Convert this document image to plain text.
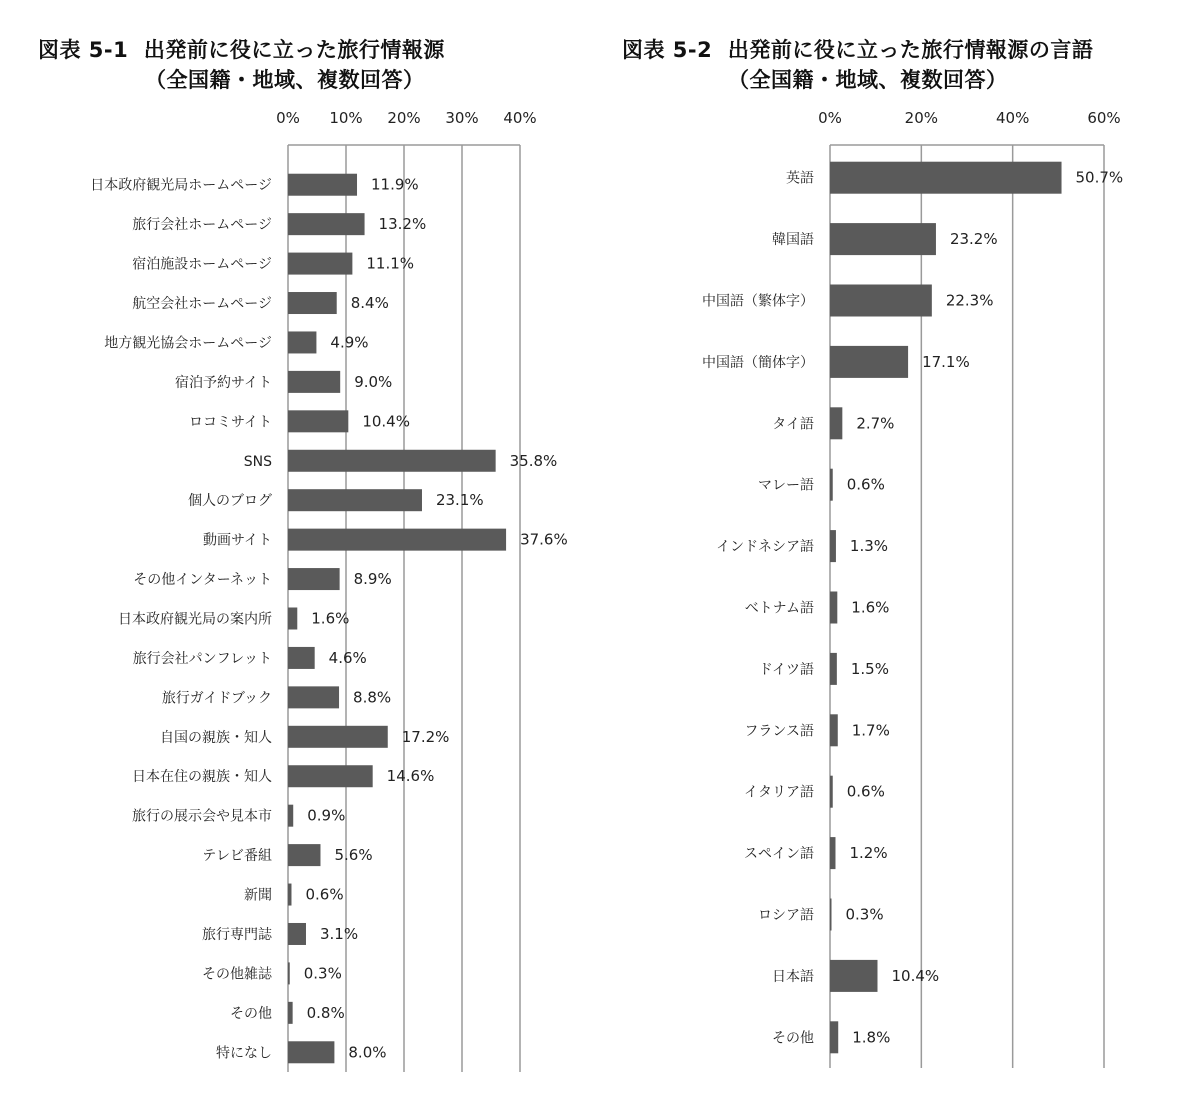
図表 5-1  出発前に役に立った旅行情報源
（全国籍・地域、複数回答）
図表 5-2  出発前に役に立った旅行情報源の言語
（全国籍・地域、複数回答）
0% 10% 20% 30% 40%
日本政府観光局ホームページ	11.9%
旅行会社ホームページ	13.2%
宿泊施設ホームページ	11.1%
航空会社ホームページ	8.4%
地方観光協会ホームページ	4.9%
宿泊予約サイト	9.0%
ロコミサイト	10.4%
SNS	35.8%
個人のブログ	23.1%
動画サイト	37.6%
その他インターネット	8.9%
日本政府観光局の案内所	1.6%
旅行会社パンフレット	4.6%
旅行ガイドブック	8.8%
自国の親族・知人	17.2%
日本在住の親族・知人	14.6%
旅行の展示会や見本市 0.9%
テレビ番組	5.6%
新聞 0.6%
旅行専門誌	3.1%
その他雑誌 0.3%
その他 0.8%
特になし	8.0%
0%	20%	40%	60%
英語	50.7%
韓国語	23.2%
中国語（繁体字）	22.3%
中国語（簡体字）	17.1%
タイ語	2.7%
マレー語 0.6%
インドネシア語 1.3%
ベトナム語 1.6%
ドイツ語 1.5%
フランス語	1.7%
イタリア語 0.6%
スペイン語 1.2%
ロシア語 0.3%
日本語	10.4%
その他	1.8%
